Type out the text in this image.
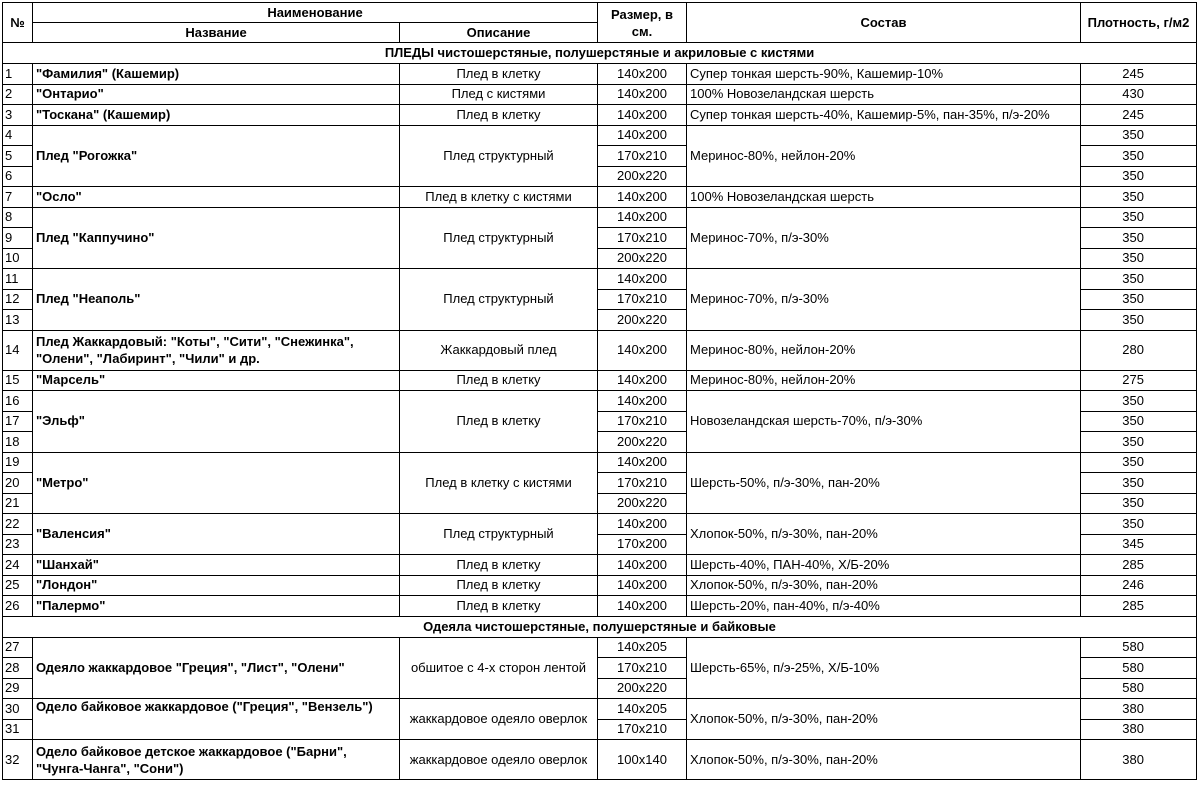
№	Наименование		Размер, в см.	Состав	Плотность, г/м2
	Название	Описание			
ПЛЕДЫ чистошерстяные, полушерстяные и акриловые с кистями					
1	"Фамилия" (Кашемир)	Плед в клетку	140х200	Супер тонкая шерсть-90%, Кашемир-10%	245
2	"Онтарио"	Плед с кистями	140х200	100% Новозеландская шерсть	430
3	"Тоскана" (Кашемир)	Плед в клетку	140х200	Супер тонкая шерсть-40%, Кашемир-5%, пан-35%, п/э-20%	245
4	Плед "Рогожка"	Плед структурный	140х200	Меринос-80%, нейлон-20%	350
5			170х210		350
6			200х220		350
7	"Осло"	Плед в клетку с кистями	140х200	100% Новозеландская шерсть	350
8	Плед "Каппучино"	Плед структурный	140х200	Меринос-70%, п/э-30%	350
9			170х210		350
10			200х220		350
11	Плед "Неаполь"	Плед структурный	140х200	Меринос-70%, п/э-30%	350
12			170х210		350
13			200х220		350
14	Плед Жаккардовый: "Коты", "Сити", "Снежинка", "Олени", "Лабиринт", "Чили" и др.	Жаккардовый плед	140х200	Меринос-80%, нейлон-20%	280
15	"Марсель"	Плед в клетку	140х200	Меринос-80%, нейлон-20%	275
16	"Эльф"	Плед в клетку	140х200	Новозеландская шерсть-70%, п/э-30%	350
17			170х210		350
18			200х220		350
19	"Метро"	Плед в клетку с кистями	140х200	Шерсть-50%, п/э-30%, пан-20%	350
20			170х210		350
21			200х220		350
22	"Валенсия"	Плед структурный	140х200	Хлопок-50%, п/э-30%, пан-20%	350
23			170х200		345
24	"Шанхай"	Плед в клетку	140х200	Шерсть-40%, ПАН-40%, Х/Б-20%	285
25	"Лондон"	Плед в клетку	140х200	Хлопок-50%, п/э-30%, пан-20%	246
26	"Палермо"	Плед в клетку	140х200	Шерсть-20%, пан-40%, п/э-40%	285
Одеяла чистошерстяные, полушерстяные и байковые					
27	Одеяло жаккардовое "Греция", "Лист", "Олени"	обшитое с 4-х сторон лентой	140х205	Шерсть-65%, п/э-25%, Х/Б-10%	580
28			170х210		580
29			200х220		580
30	Одело байковое жаккардовое ("Греция", "Вензель")	жаккардовое одеяло оверлок	140х205	Хлопок-50%, п/э-30%, пан-20%	380
31			170х210		380
32	Одело байковое детское жаккардовое ("Барни", "Чунга-Чанга", "Сони")	жаккардовое одеяло оверлок	100х140	Хлопок-50%, п/э-30%, пан-20%	380
